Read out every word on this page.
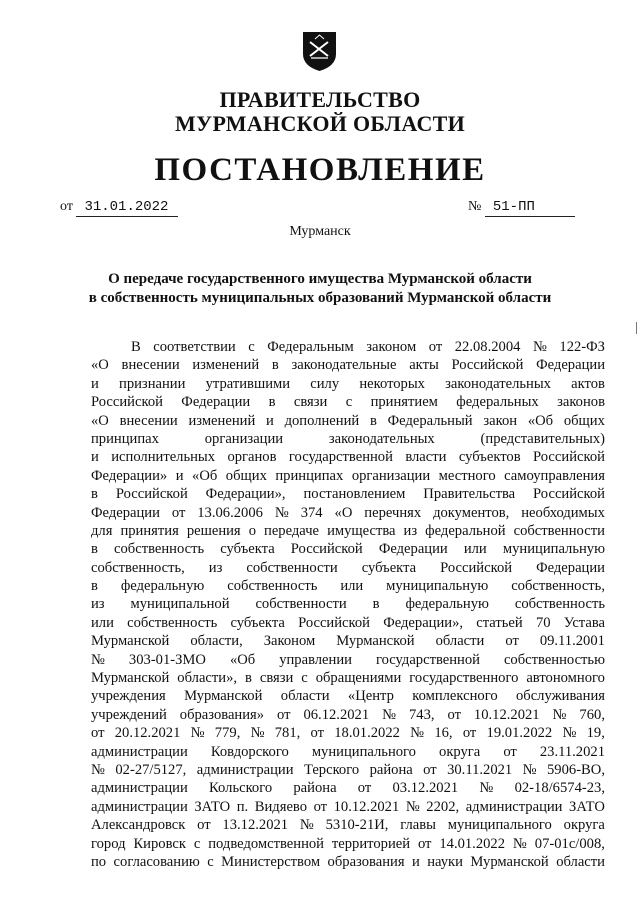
ПРАВИТЕЛЬСТВО
МУРМАНСКОЙ ОБЛАСТИ
ПОСТАНОВЛЕНИЕ
от 31.01.2022	№ 51-ПП
Мурманск
О передаче государственного имущества Мурманской области
в собственность муниципальных образований Мурманской области
В соответствии с Федеральным законом от 22.08.2004 № 122-ФЗ
«О внесении изменений в законодательные акты Российской Федерации
и признании утратившими силу некоторых законодательных актов
Российской Федерации в связи с принятием федеральных законов
«О внесении изменений и дополнений в Федеральный закон «Об общих
принципах	организации	законодательных	(представительных)
и исполнительных органов государственной власти субъектов Российской
Федерации» и «Об общих принципах организации местного самоуправления
в Российской Федерации», постановлением Правительства Российской
Федерации от 13.06.2006 № 374 «О перечнях документов, необходимых
для принятия решения о передаче имущества из федеральной собственности
в собственность субъекта Российской Федерации или муниципальную
собственность, из собственности субъекта Российской Федерации
в федеральную собственность или муниципальную собственность,
из муниципальной собственности в федеральную собственность
или собственность субъекта Российской Федерации», статьей 70 Устава
Мурманской области, Законом Мурманской области от 09.11.2001
№ 303-01-ЗМО «Об управлении государственной собственностью
Мурманской области», в связи с обращениями государственного автономного
учреждения Мурманской области «Центр комплексного обслуживания
учреждений образования» от 06.12.2021 № 743, от 10.12.2021 № 760,
от 20.12.2021 № 779, № 781, от 18.01.2022 № 16, от 19.01.2022 № 19,
администрации Ковдорского муниципального округа от 23.11.2021
№ 02-27/5127, администрации Терского района от 30.11.2021 № 5906-ВО,
администрации Кольского района от 03.12.2021 № 02-18/6574-23,
администрации ЗАТО п. Видяево от 10.12.2021 № 2202, администрации ЗАТО
Александровск от 13.12.2021 № 5310-21И, главы муниципального округа
город Кировск с подведомственной территорией от 14.01.2022 № 07-01с/008,
по согласованию с Министерством образования и науки Мурманской области
